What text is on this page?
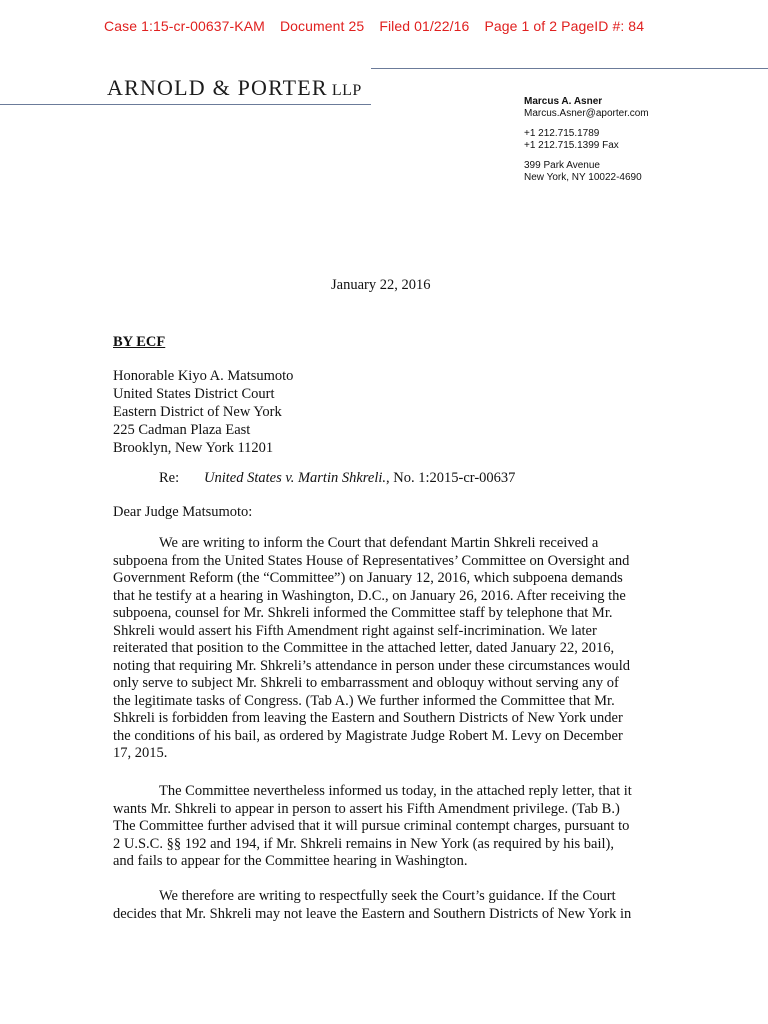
Case 1:15-cr-00637-KAM Document 25 Filed 01/22/16 Page 1 of 2 PageID #: 84
ARNOLD & PORTER LLP
Marcus A. Asner
Marcus.Asner@aporter.com
+1 212.715.1789
+1 212.715.1399 Fax
399 Park Avenue
New York, NY 10022-4690
January 22, 2016
BY ECF
Honorable Kiyo A. Matsumoto
United States District Court
Eastern District of New York
225 Cadman Plaza East
Brooklyn, New York 11201
Re: United States v. Martin Shkreli., No. 1:2015-cr-00637
Dear Judge Matsumoto:
We are writing to inform the Court that defendant Martin Shkreli received a
subpoena from the United States House of Representatives’ Committee on Oversight and
Government Reform (the “Committee”) on January 12, 2016, which subpoena demands
that he testify at a hearing in Washington, D.C., on January 26, 2016. After receiving the
subpoena, counsel for Mr. Shkreli informed the Committee staff by telephone that Mr.
Shkreli would assert his Fifth Amendment right against self-incrimination. We later
reiterated that position to the Committee in the attached letter, dated January 22, 2016,
noting that requiring Mr. Shkreli’s attendance in person under these circumstances would
only serve to subject Mr. Shkreli to embarrassment and obloquy without serving any of
the legitimate tasks of Congress. (Tab A.) We further informed the Committee that Mr.
Shkreli is forbidden from leaving the Eastern and Southern Districts of New York under
the conditions of his bail, as ordered by Magistrate Judge Robert M. Levy on December
17, 2015.
The Committee nevertheless informed us today, in the attached reply letter, that it
wants Mr. Shkreli to appear in person to assert his Fifth Amendment privilege. (Tab B.)
The Committee further advised that it will pursue criminal contempt charges, pursuant to
2 U.S.C. §§ 192 and 194, if Mr. Shkreli remains in New York (as required by his bail),
and fails to appear for the Committee hearing in Washington.
We therefore are writing to respectfully seek the Court’s guidance. If the Court
decides that Mr. Shkreli may not leave the Eastern and Southern Districts of New York in
